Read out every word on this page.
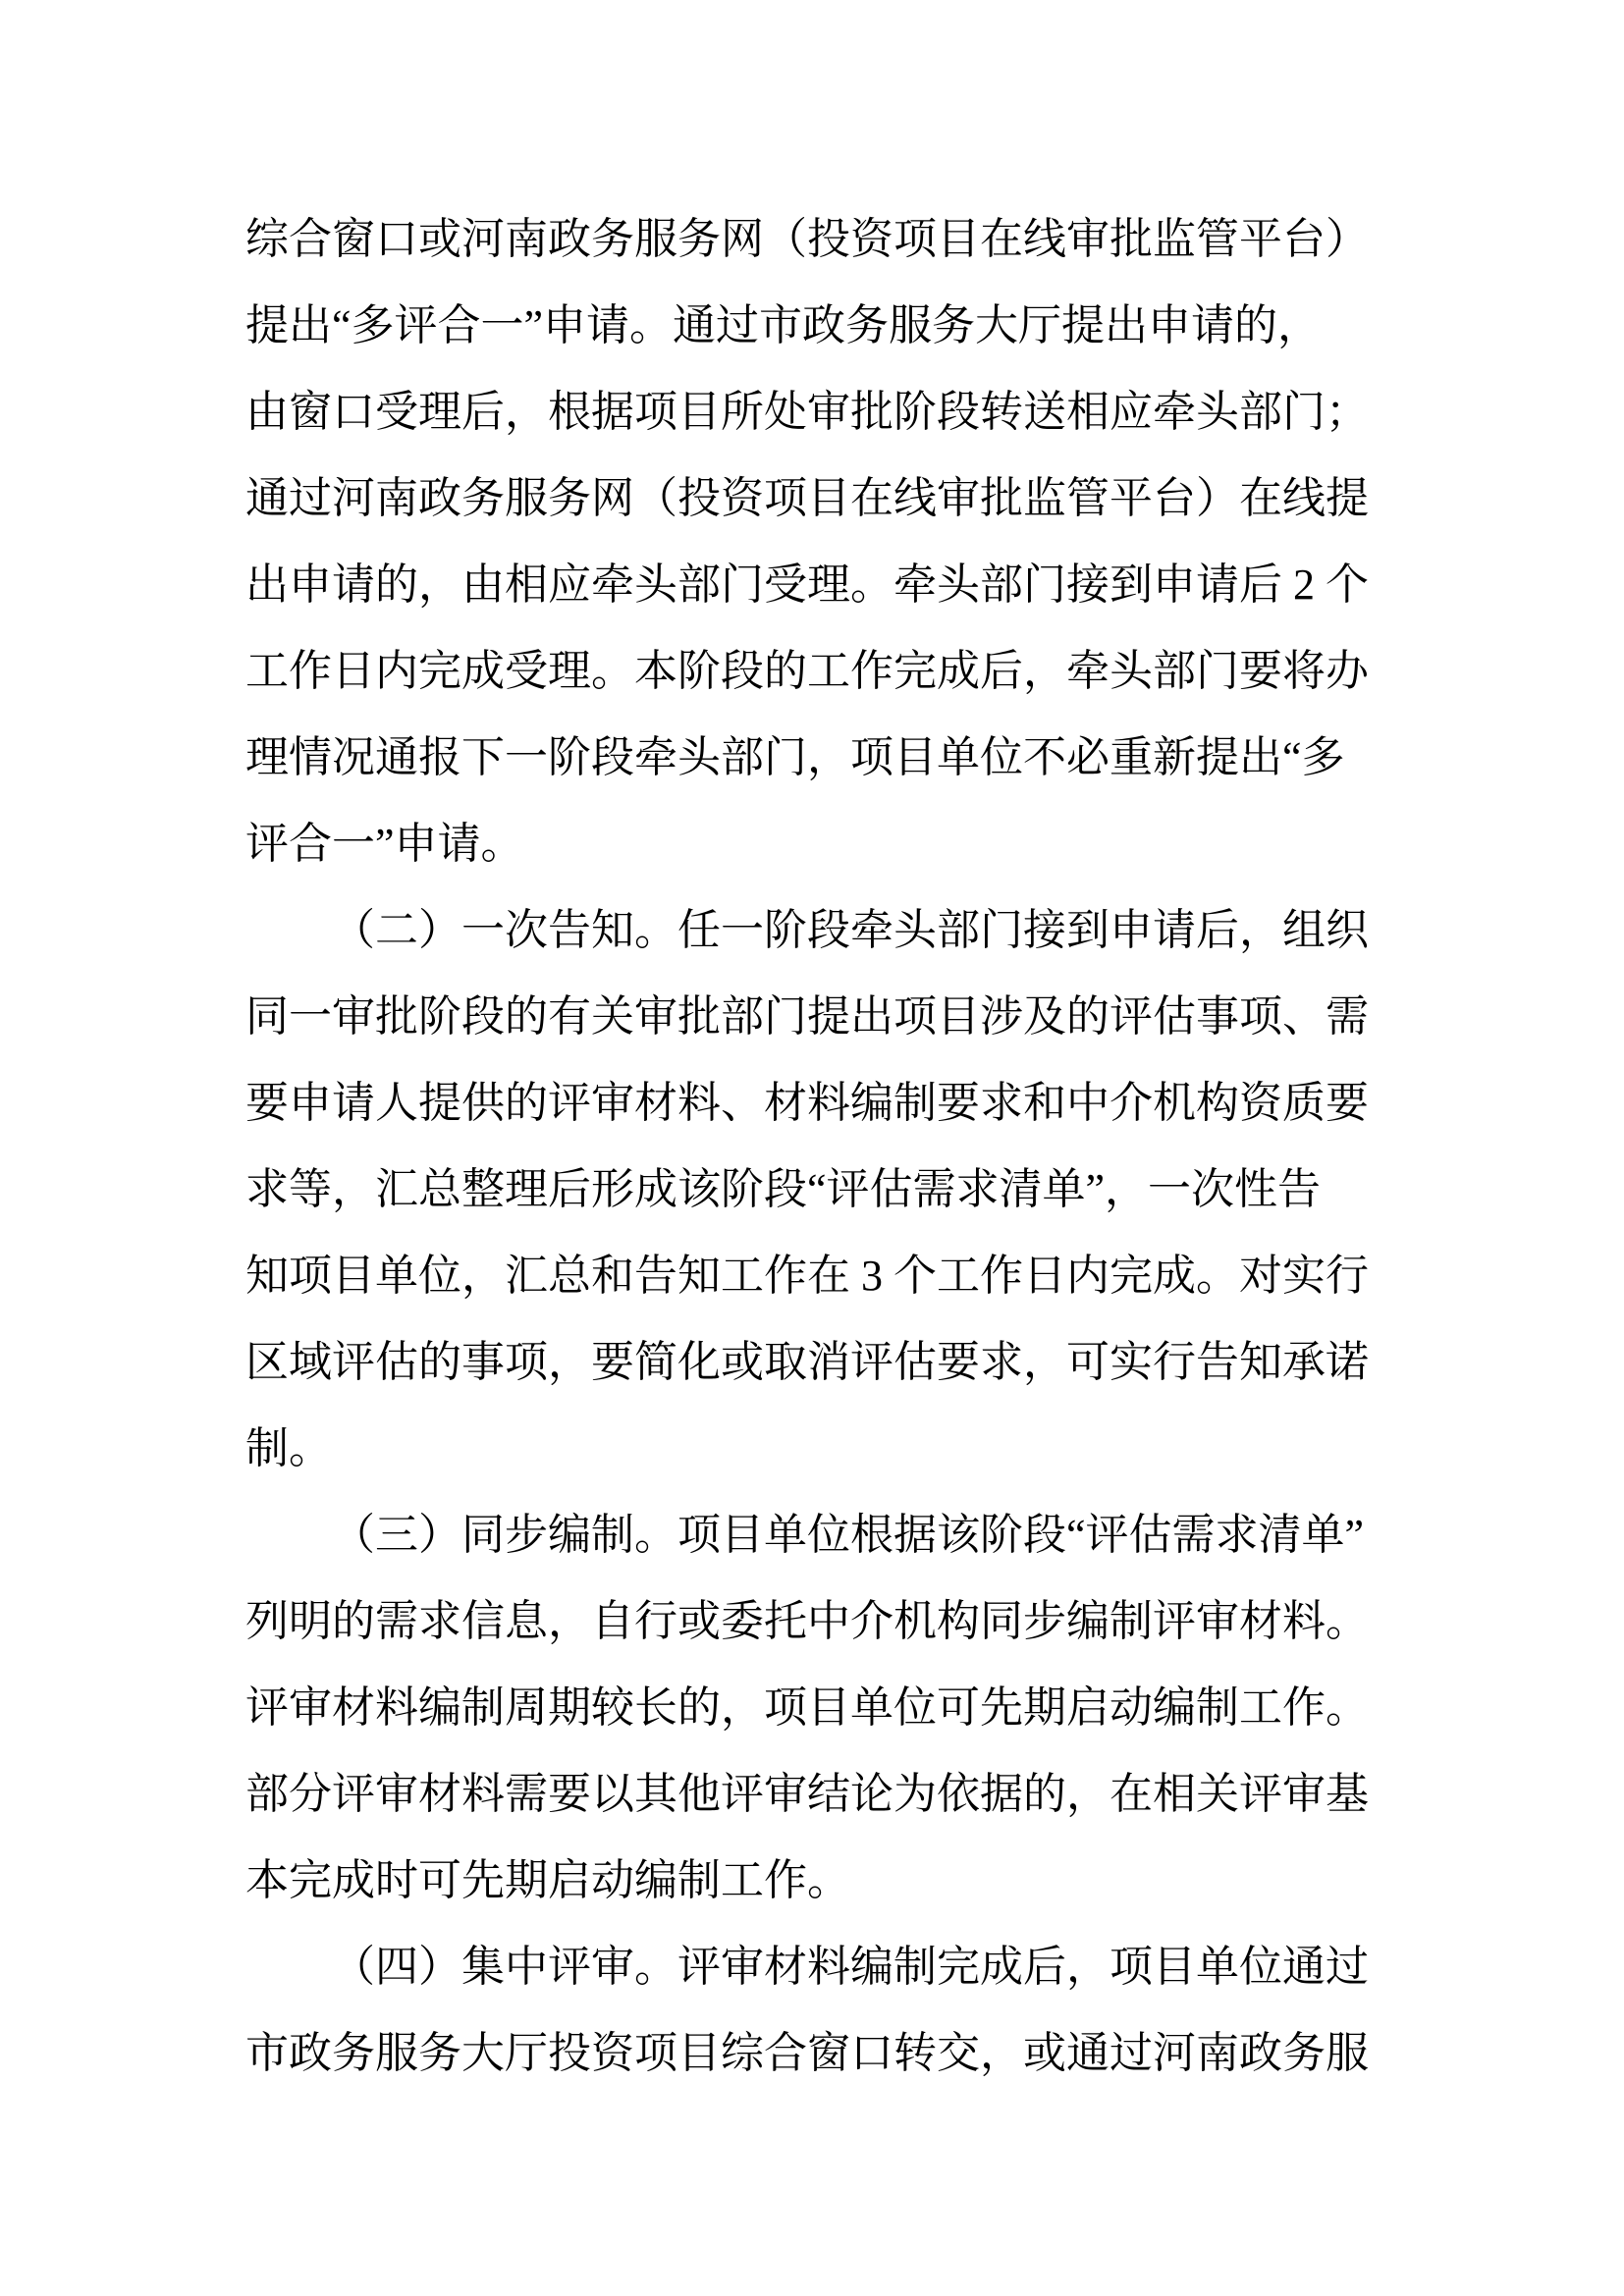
综合窗口或河南政务服务网（投资项目在线审批监管平台）
提出“多评合一”申请。通过市政务服务大厅提出申请的，
由窗口受理后，根据项目所处审批阶段转送相应牵头部门；
通过河南政务服务网（投资项目在线审批监管平台）在线提
出申请的，由相应牵头部门受理。牵头部门接到申请后 2 个
工作日内完成受理。本阶段的工作完成后，牵头部门要将办
理情况通报下一阶段牵头部门，项目单位不必重新提出“多
评合一”申请。
（二）一次告知。任一阶段牵头部门接到申请后，组织
同一审批阶段的有关审批部门提出项目涉及的评估事项、需
要申请人提供的评审材料、材料编制要求和中介机构资质要
求等，汇总整理后形成该阶段“评估需求清单”，一次性告
知项目单位，汇总和告知工作在 3 个工作日内完成。对实行
区域评估的事项，要简化或取消评估要求，可实行告知承诺
制。
（三）同步编制。项目单位根据该阶段“评估需求清单”
列明的需求信息，自行或委托中介机构同步编制评审材料。
评审材料编制周期较长的，项目单位可先期启动编制工作。
部分评审材料需要以其他评审结论为依据的，在相关评审基
本完成时可先期启动编制工作。
（四）集中评审。评审材料编制完成后，项目单位通过
市政务服务大厅投资项目综合窗口转交，或通过河南政务服
